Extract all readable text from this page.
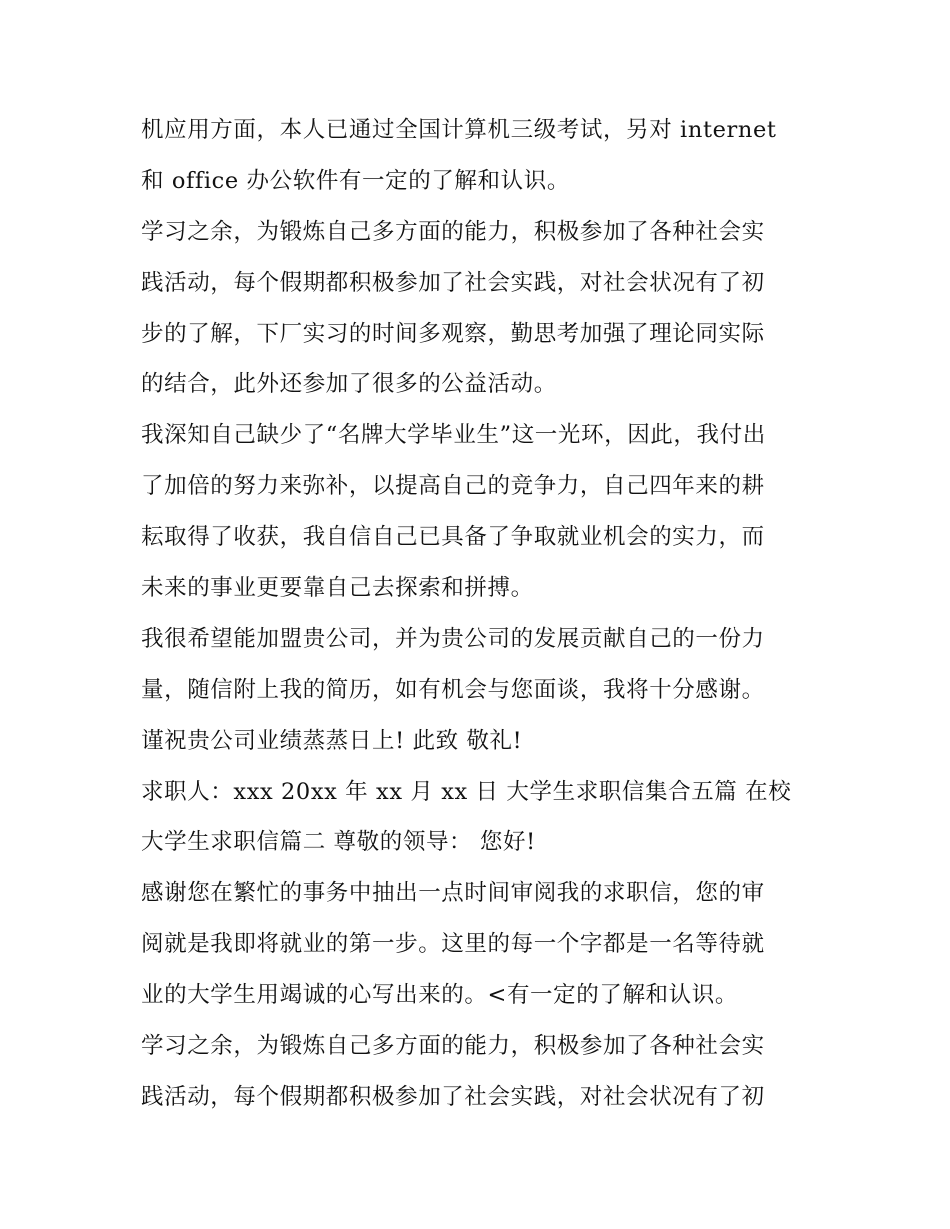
机应用方面，本人已通过全国计算机三级考试，另对 internet
和 office 办公软件有一定的了解和认识。
学习之余，为锻炼自己多方面的能力，积极参加了各种社会实
践活动，每个假期都积极参加了社会实践，对社会状况有了初
步的了解，下厂实习的时间多观察，勤思考加强了理论同实际
的结合，此外还参加了很多的公益活动。
我深知自己缺少了“名牌大学毕业生”这一光环，因此，我付出
了加倍的努力来弥补，以提高自己的竞争力，自己四年来的耕
耘取得了收获，我自信自己已具备了争取就业机会的实力，而
未来的事业更要靠自己去探索和拼搏。
我很希望能加盟贵公司，并为贵公司的发展贡献自己的一份力
量，随信附上我的简历，如有机会与您面谈，我将十分感谢。
谨祝贵公司业绩蒸蒸日上! 此致 敬礼!
求职人：xxx 20xx 年 xx 月 xx 日 大学生求职信集合五篇 在校
大学生求职信篇二 尊敬的领导： 您好!
感谢您在繁忙的事务中抽出一点时间审阅我的求职信，您的审
阅就是我即将就业的第一步。这里的每一个字都是一名等待就
业的大学生用竭诚的心写出来的。<有一定的了解和认识。
学习之余，为锻炼自己多方面的能力，积极参加了各种社会实
践活动，每个假期都积极参加了社会实践，对社会状况有了初
